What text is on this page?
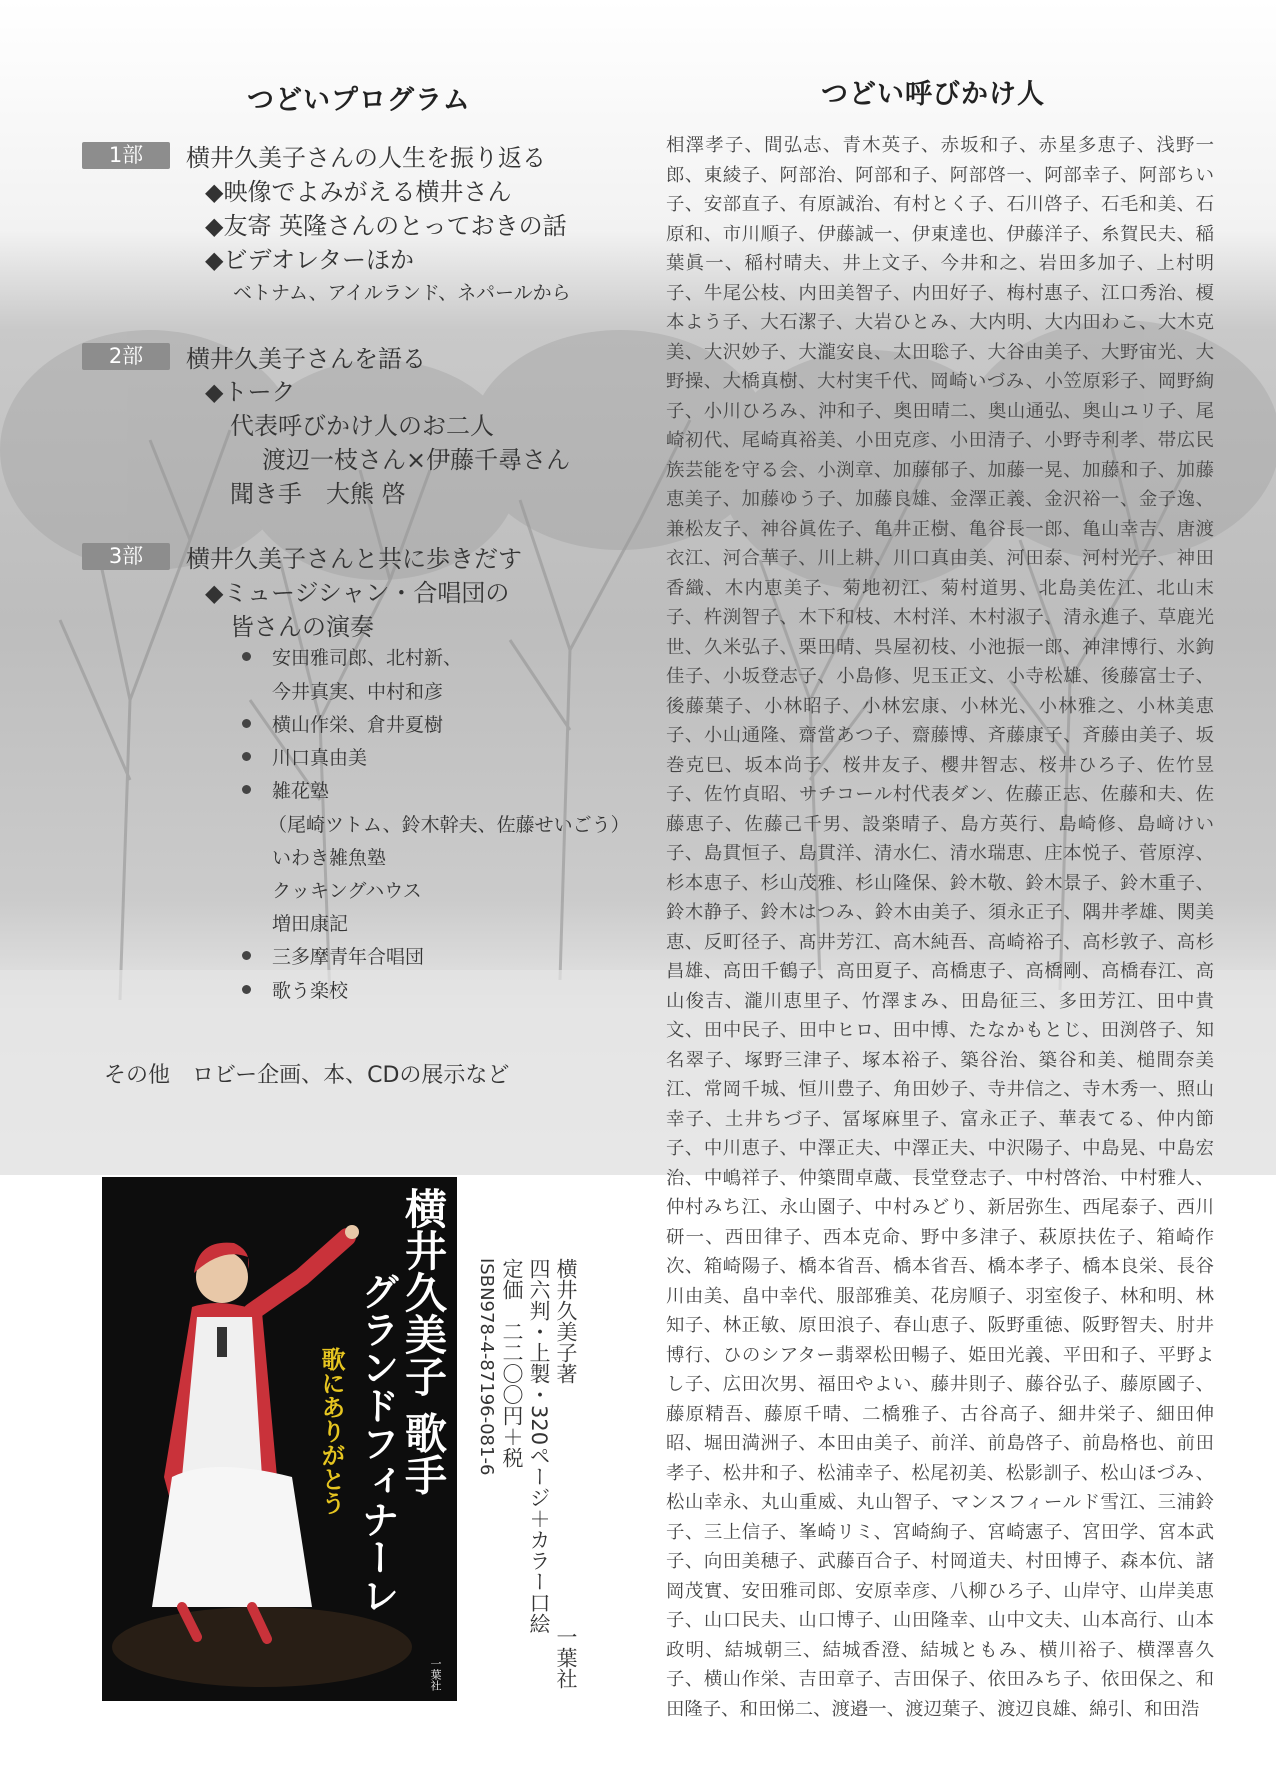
つどいプログラム	つどい呼びかけ人
1部	横井久美子さんの人生を振り返る
◆映像でよみがえる横井さん
◆友寄 英隆さんのとっておきの話
◆ビデオレターほか
ベトナム、アイルランド、ネパールから
2部	横井久美子さんを語る
◆トーク
代表呼びかけ人のお二人
渡辺一枝さん×伊藤千尋さん
聞き手　大熊 啓
3部	横井久美子さんと共に歩きだす
◆ミュージシャン・合唱団の
皆さんの演奏
安田雅司郎、北村新、
今井真実、中村和彦
横山作栄、倉井夏樹
川口真由美
雑花塾
（尾崎ツトム、鈴木幹夫、佐藤せいごう）
いわき雑魚塾
クッキングハウス
増田康記
三多摩青年合唱団
歌う楽校
その他　ロビー企画、本、CDの展示など
相澤孝子、間弘志、青木英子、赤坂和子、赤星多恵子、浅野一郎、東綾子、阿部治、阿部和子、阿部啓一、阿部幸子、阿部ちい子、安部直子、有原誠治、有村とく子、石川啓子、石毛和美、石原和、市川順子、伊藤誠一、伊東達也、伊藤洋子、糸賀民夫、稲葉眞一、稲村晴夫、井上文子、今井和之、岩田多加子、上村明子、牛尾公枝、内田美智子、内田好子、梅村惠子、江口秀治、榎本よう子、大石潔子、大岩ひとみ、大内明、大内田わこ、大木克美、大沢妙子、大瀧安良、太田聡子、大谷由美子、大野宙光、大野操、大橋真樹、大村実千代、岡崎いづみ、小笠原彩子、岡野絢子、小川ひろみ、沖和子、奥田晴二、奥山通弘、奥山ユリ子、尾崎初代、尾崎真裕美、小田克彦、小田清子、小野寺利孝、帯広民族芸能を守る会、小渕章、加藤郁子、加藤一晃、加藤和子、加藤恵美子、加藤ゆう子、加藤良雄、金澤正義、金沢裕一、金子逸、兼松友子、神谷眞佐子、亀井正樹、亀谷長一郎、亀山幸吉、唐渡衣江、河合華子、川上耕、川口真由美、河田泰、河村光子、神田香織、木内恵美子、菊地初江、菊村道男、北島美佐江、北山末子、杵渕智子、木下和枝、木村洋、木村淑子、清永進子、草鹿光世、久米弘子、栗田晴、呉屋初枝、小池振一郎、神津博行、氷鉤佳子、小坂登志子、小島修、児玉正文、小寺松雄、後藤富士子、後藤葉子、小林昭子、小林宏康、小林光、小林雅之、小林美恵子、小山通隆、齋當あつ子、齋藤博、斉藤康子、斉藤由美子、坂巻克巳、坂本尚子、桜井友子、櫻井智志、桜井ひろ子、佐竹昱子、佐竹貞昭、サチコール村代表ダン、佐藤正志、佐藤和夫、佐藤恵子、佐藤己千男、設楽晴子、島方英行、島崎修、島﨑けい子、島貫恒子、島貫洋、清水仁、清水瑞恵、庄本悦子、菅原淳、杉本恵子、杉山茂雅、杉山隆保、鈴木敬、鈴木景子、鈴木重子、鈴木静子、鈴木はつみ、鈴木由美子、須永正子、隅井孝雄、関美恵、反町径子、髙井芳江、高木純吾、高崎裕子、高杉敦子、高杉昌雄、高田千鶴子、高田夏子、高橋恵子、高橋剛、高橋春江、高山俊吉、瀧川恵里子、竹澤まみ、田島征三、多田芳江、田中貴文、田中民子、田中ヒロ、田中博、たなかもとじ、田渕啓子、知名翠子、塚野三津子、塚本裕子、築谷治、築谷和美、槌間奈美江、常岡千城、恒川豊子、角田妙子、寺井信之、寺木秀一、照山幸子、土井ちづ子、冨塚麻里子、富永正子、華表てる、仲内節子、中川恵子、中澤正夫、中澤正夫、中沢陽子、中島晃、中島宏治、中嶋祥子、仲築間卓蔵、長堂登志子、中村啓治、中村雅人、仲村みち江、永山園子、中村みどり、新居弥生、西尾泰子、西川研一、西田律子、西本克命、野中多津子、萩原扶佐子、箱崎作次、箱崎陽子、橋本省吾、橋本省吾、橋本孝子、橋本良栄、長谷川由美、畠中幸代、服部雅美、花房順子、羽室俊子、林和明、林知子、林正敏、原田浪子、春山恵子、阪野重徳、阪野智夫、肘井博行、ひのシアター翡翠松田暢子、姫田光義、平田和子、平野よし子、広田次男、福田やよい、藤井則子、藤谷弘子、藤原國子、藤原精吾、藤原千晴、二橋雅子、古谷高子、細井栄子、細田伸昭、堀田満洲子、本田由美子、前洋、前島啓子、前島格也、前田孝子、松井和子、松浦幸子、松尾初美、松影訓子、松山ほづみ、松山幸永、丸山重威、丸山智子、マンスフィールド雪江、三浦鈴子、三上信子、峯崎リミ、宮崎絢子、宮崎憲子、宮田学、宮本武子、向田美穂子、武藤百合子、村岡道夫、村田博子、森本伉、諸岡茂實、安田雅司郎、安原幸彦、八柳ひろ子、山岸守、山岸美恵子、山口民夫、山口博子、山田隆幸、山中文夫、山本高行、山本政明、結城朝三、結城香澄、結城ともみ、横川裕子、横澤喜久子、横山作栄、吉田章子、吉田保子、依田みち子、依田保之、和田隆子、和田悌二、渡邉一、渡辺葉子、渡辺良雄、綿引、和田浩
横井久美子 歌手
グランドフィナーレ
歌にありがとう
一葉社
横井久美子著
四六判・上製・320ページ＋カラー口絵
定価　二二〇〇円＋税
ISBN978-4-87196-081-6
一葉社
